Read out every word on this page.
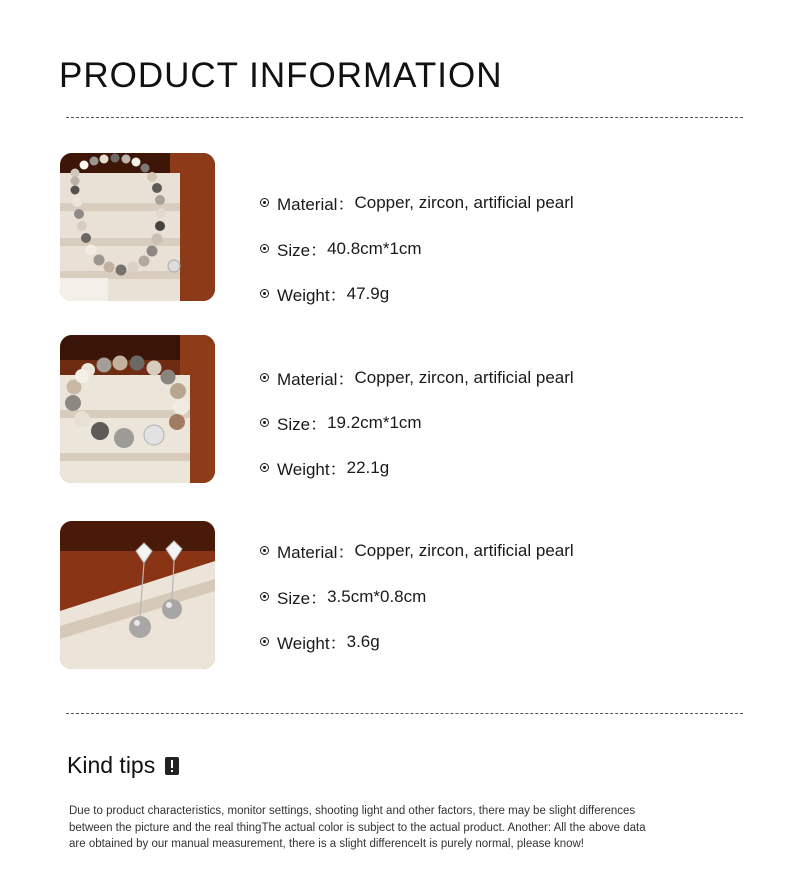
PRODUCT INFORMATION
Material： Copper, zircon, artificial pearl
Size： 40.8cm*1cm
Weight： 47.9g
Material： Copper, zircon, artificial pearl
Size： 19.2cm*1cm
Weight： 22.1g
Material： Copper, zircon, artificial pearl
Size： 3.5cm*0.8cm
Weight： 3.6g
Kind tips

Due to product characteristics, monitor settings, shooting light and other factors, there may be slight differences between the picture and the real thingThe actual color is subject to the actual product. Another: All the above data are obtained by our manual measurement, there is a slight differenceIt is purely normal, please know!
